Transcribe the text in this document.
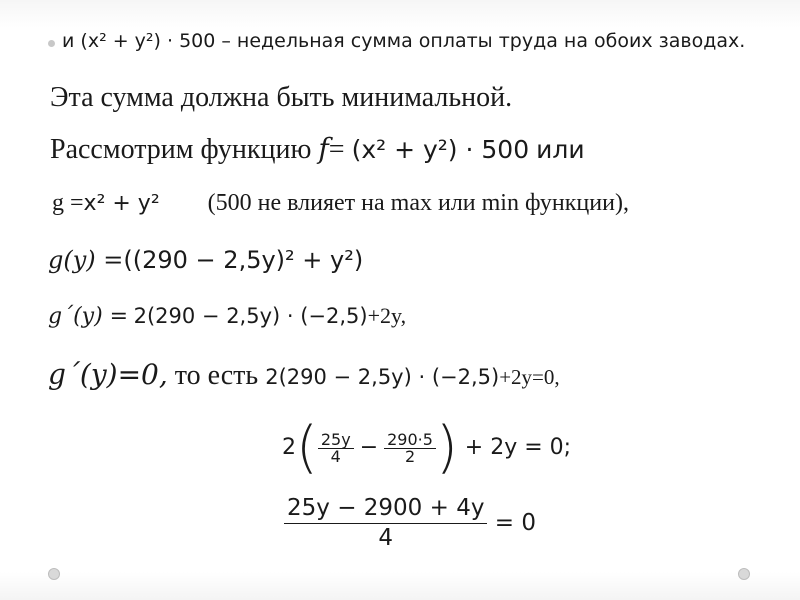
и (x² + y²) · 500 – недельная сумма оплаты труда на обоих заводах.
Эта сумма должна быть минимальной.
Рассмотрим функцию f= (x² + y²) · 500 или
g =x² + y² (500 не влияет на max или min функции),
g(y) =((290 − 2,5y)² + y²)
g´(y) = 2(290 − 2,5y) · (−2,5)+2y,
g´(y)=0, то есть 2(290 − 2,5y) · (−2,5)+2y=0,
$2( \frac{25y}{4} - \frac{290\cdot 5}{2}$ ) + 2y = 0;
$\frac{25y - 2900 + 4y}{4} = 0$
